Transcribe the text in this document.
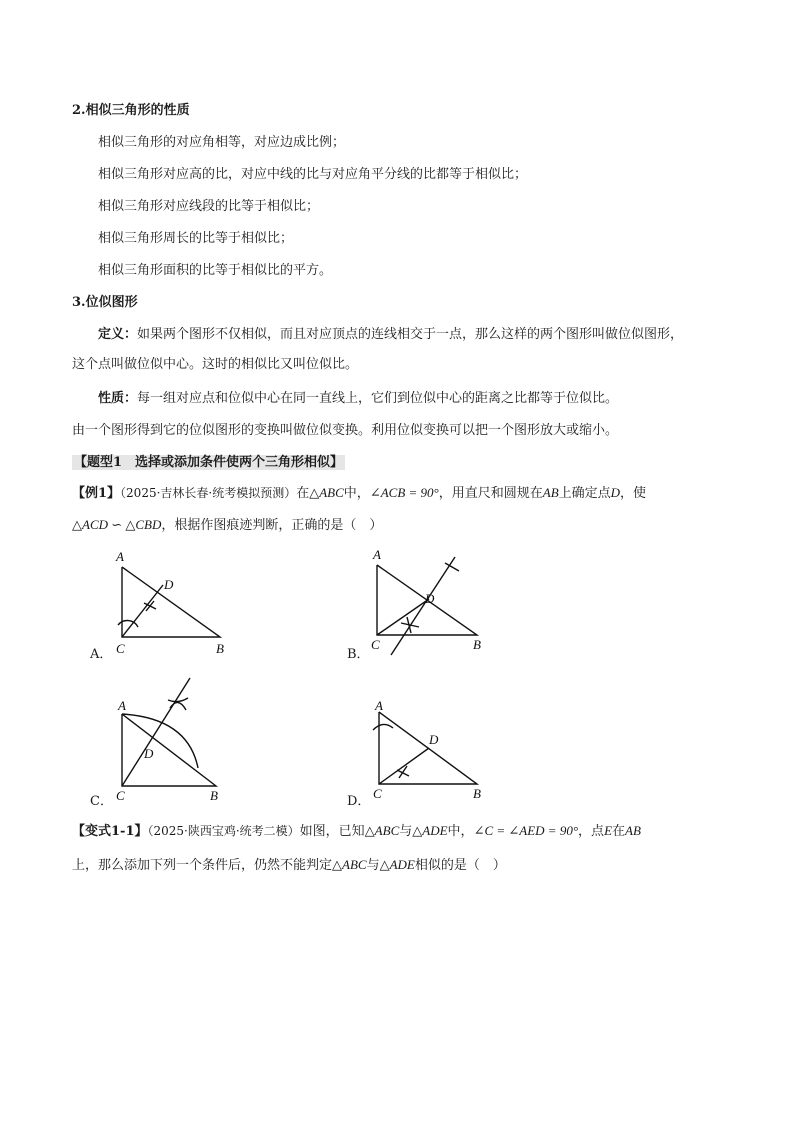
2.相似三角形的性质
相似三角形的对应角相等，对应边成比例；
相似三角形对应高的比，对应中线的比与对应角平分线的比都等于相似比；
相似三角形对应线段的比等于相似比；
相似三角形周长的比等于相似比；
相似三角形面积的比等于相似比的平方。
3.位似图形
定义：如果两个图形不仅相似，而且对应顶点的连线相交于一点，那么这样的两个图形叫做位似图形，
这个点叫做位似中心。这时的相似比又叫位似比。
性质：每一组对应点和位似中心在同一直线上，它们到位似中心的距离之比都等于位似比。
由一个图形得到它的位似图形的变换叫做位似变换。利用位似变换可以把一个图形放大或缩小。
【题型1　选择或添加条件使两个三角形相似】
【例1】（2025·吉林长春·统考模拟预测）在△ABC中，∠ACB = 90°，用直尺和圆规在AB上确定点D，使
△ACD ∽ △CBD，根据作图痕迹判断，正确的是（　）
A
D
C	B
A．
A
D
C	B
B．
A
D
C	B
C．
A
D
C	B
D．
【变式1-1】（2025·陕西宝鸡·统考二模）如图，已知△ABC与△ADE中，∠C = ∠AED = 90°，点E在AB
上，那么添加下列一个条件后，仍然不能判定△ABC与△ADE相似的是（　）
